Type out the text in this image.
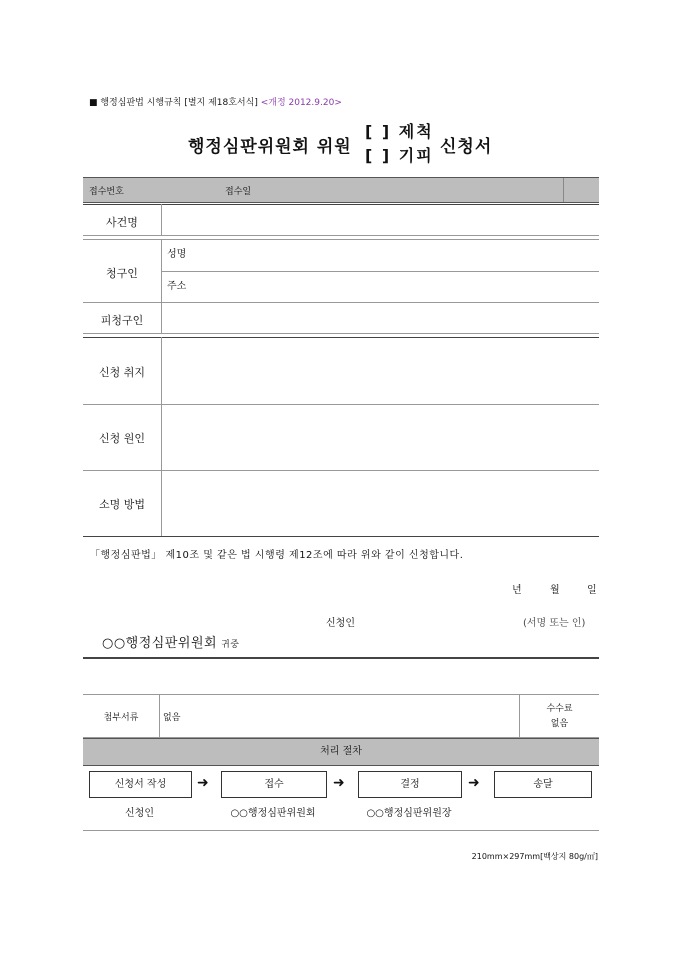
■ 행정심판법 시행규칙 [별지 제18호서식] <개정 2012.9.20>
행정심판위원회 위원
[ ] 제척
[ ] 기피 신청서
접수번호	접수일
사건명
청구인
성명
주소
피청구인
신청 취지
신청 원인
소명 방법
「행정심판법」 제10조 및 같은 법 시행령 제12조에 따라 위와 같이 신청합니다.
년	월	일
신청인	(서명 또는 인)
○○행정심판위원회 귀중
첨부서류	없음
수수료
없음
처리 절차
신청서 작성	➜	접수	➜	결정	➜	송달
신청인	○○행정심판위원회	○○행정심판위원장
210mm×297mm[백상지 80g/㎡]
